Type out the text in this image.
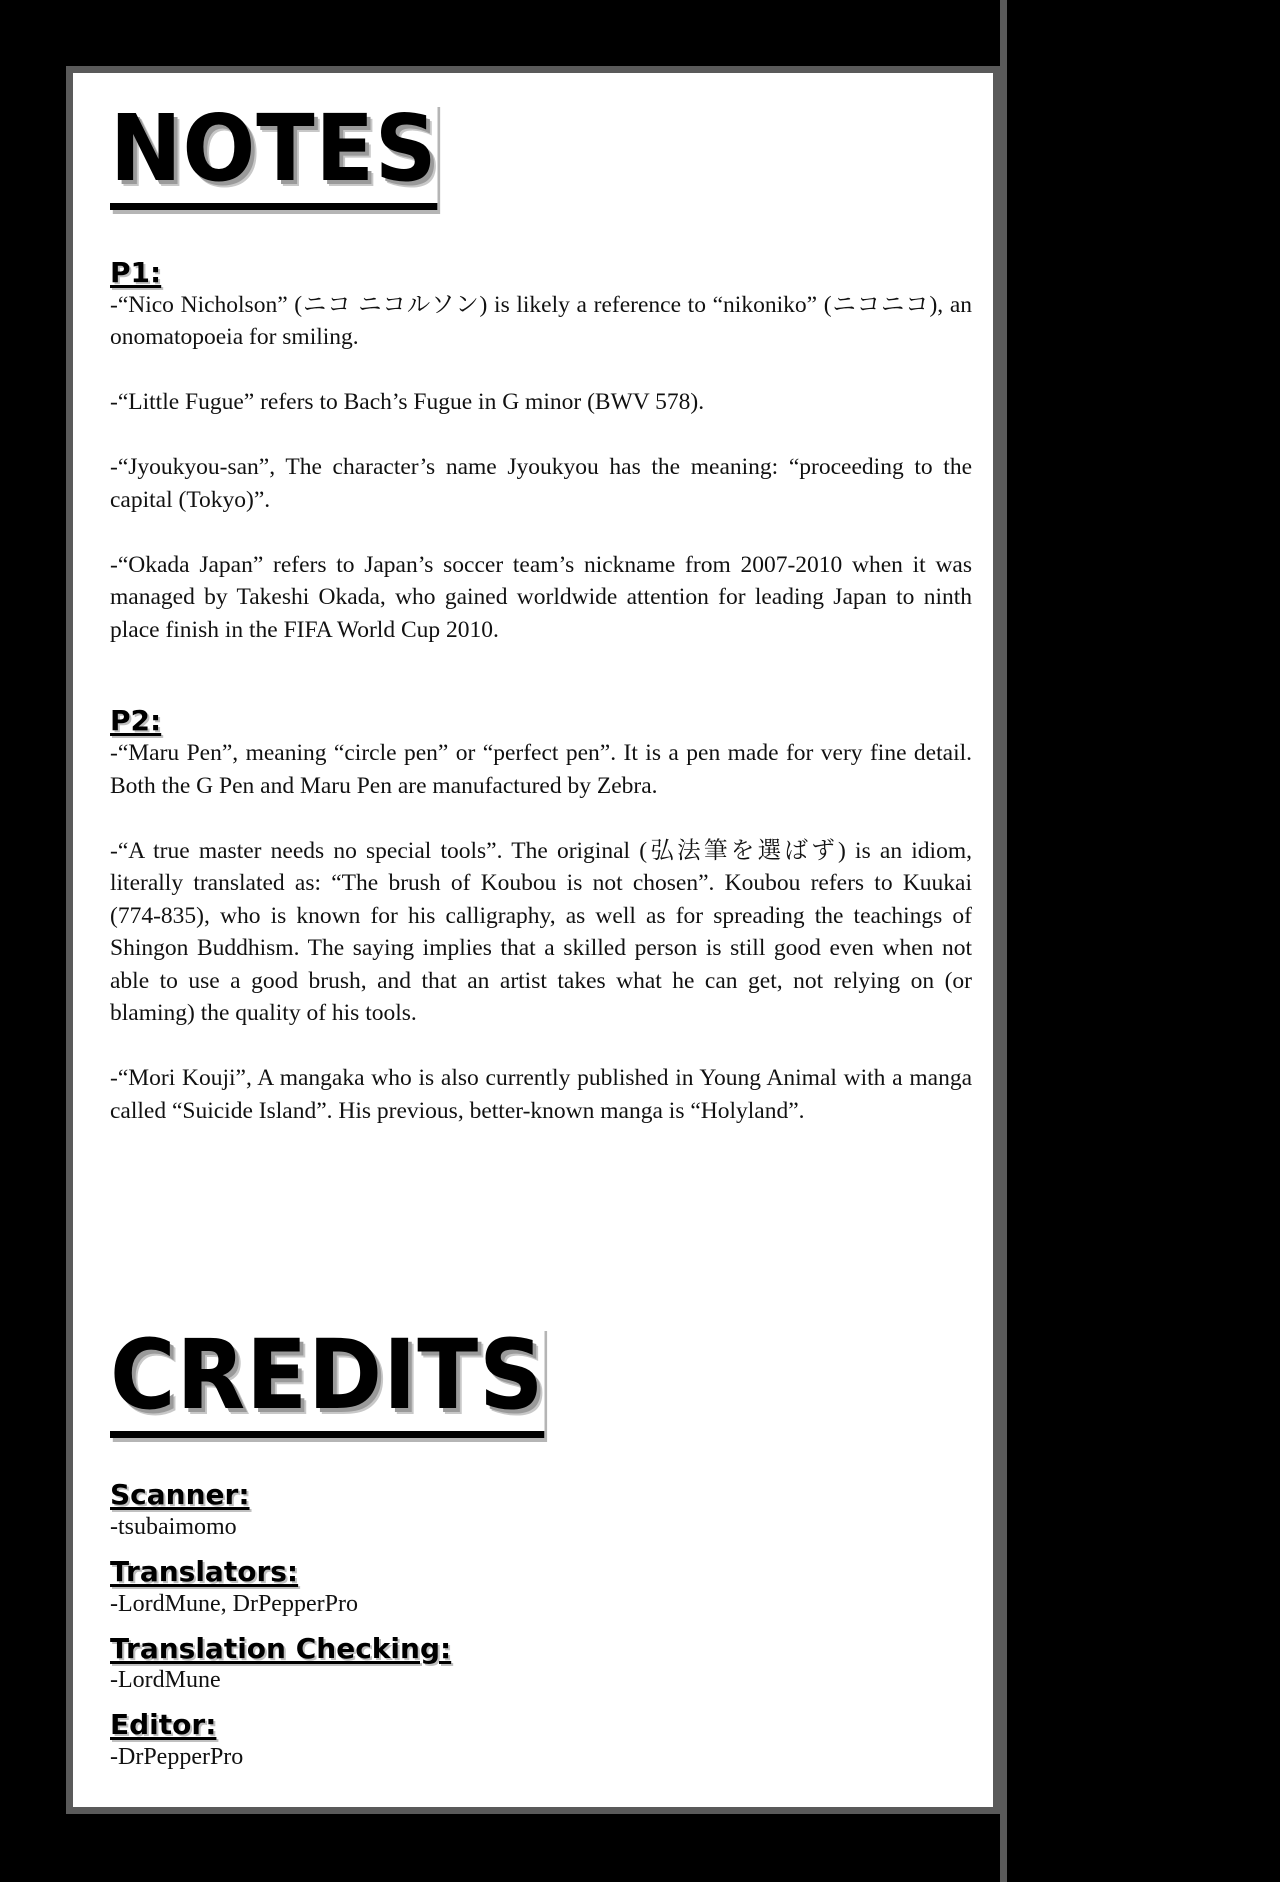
NOTES

P1:

-“Nico Nicholson” (ニコ ニコルソン) is likely a reference to “nikoniko” (ニコニコ), an onomatopoeia for smiling.

-“Little Fugue” refers to Bach’s Fugue in G minor (BWV 578).

-“Jyoukyou-san”, The character’s name Jyoukyou has the meaning: “proceeding to the capital (Tokyo)”.

-“Okada Japan” refers to Japan’s soccer team’s nickname from 2007-2010 when it was managed by Takeshi Okada, who gained worldwide attention for leading Japan to ninth place finish in the FIFA World Cup 2010.

P2:

-“Maru Pen”, meaning “circle pen” or “perfect pen”. It is a pen made for very fine detail. Both the G Pen and Maru Pen are manufactured by Zebra.

-“A true master needs no special tools”. The original (弘法筆を選ばず) is an idiom, literally translated as: “The brush of Koubou is not chosen”. Koubou refers to Kuukai (774-835), who is known for his calligraphy, as well as for spreading the teachings of Shingon Buddhism. The saying implies that a skilled person is still good even when not able to use a good brush, and that an artist takes what he can get, not relying on (or blaming) the quality of his tools.

-“Mori Kouji”, A mangaka who is also currently published in Young Animal with a manga called “Suicide Island”. His previous, better-known manga is “Holyland”.

CREDITS

Scanner:

-tsubaimomo

Translators:

-LordMune, DrPepperPro

Translation Checking:

-LordMune

Editor:

-DrPepperPro
